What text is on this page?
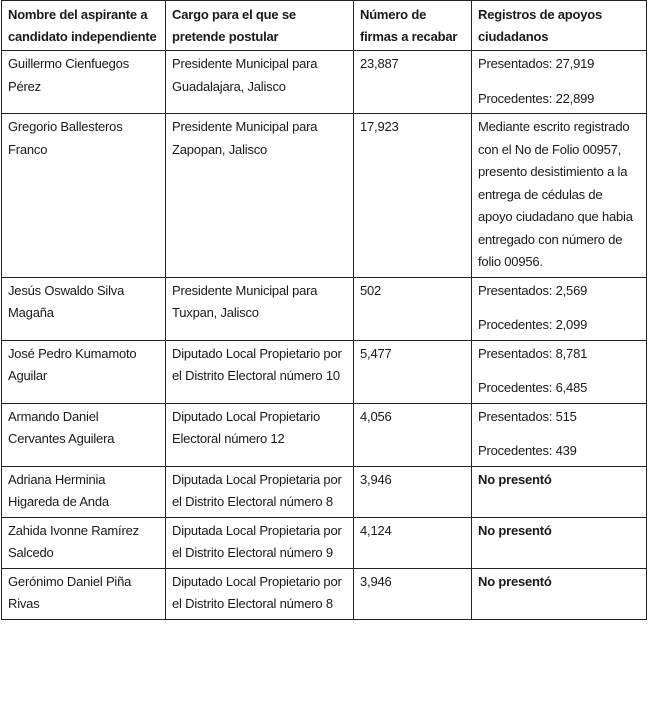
Nombre del aspirante a candidato independiente	Cargo para el que se pretende postular	Número de firmas a recabar	Registros de apoyos ciudadanos
Guillermo Cienfuegos Pérez	Presidente Municipal para Guadalajara, Jalisco	23,887	Presentados: 27,919
Procedentes: 22,899

Gregorio Ballesteros Franco	Presidente Municipal para Zapopan, Jalisco	17,923	Mediante escrito registrado con el No de Folio 00957, presento desistimiento a la entrega de cédulas de apoyo ciudadano que habia entregado con número de folio 00956.
Jesús Oswaldo Silva Magaña	Presidente Municipal para Tuxpan, Jalisco	502	Presentados: 2,569
Procedentes: 2,099

José Pedro Kumamoto Aguilar	Diputado Local Propietario por el Distrito Electoral número 10	5,477	Presentados: 8,781
Procedentes: 6,485

Armando Daniel Cervantes Aguilera	Diputado Local Propietario Electoral número 12	4,056	Presentados: 515
Procedentes: 439

Adriana Herminia Higareda de Anda	Diputada Local Propietaria por el Distrito Electoral número 8	3,946	No presentó
Zahida Ivonne Ramírez Salcedo	Diputada Local Propietaria por el Distrito Electoral número 9	4,124	No presentó
Gerónimo Daniel Piña Rivas	Diputado Local Propietario por el Distrito Electoral número 8	3,946	No presentó
